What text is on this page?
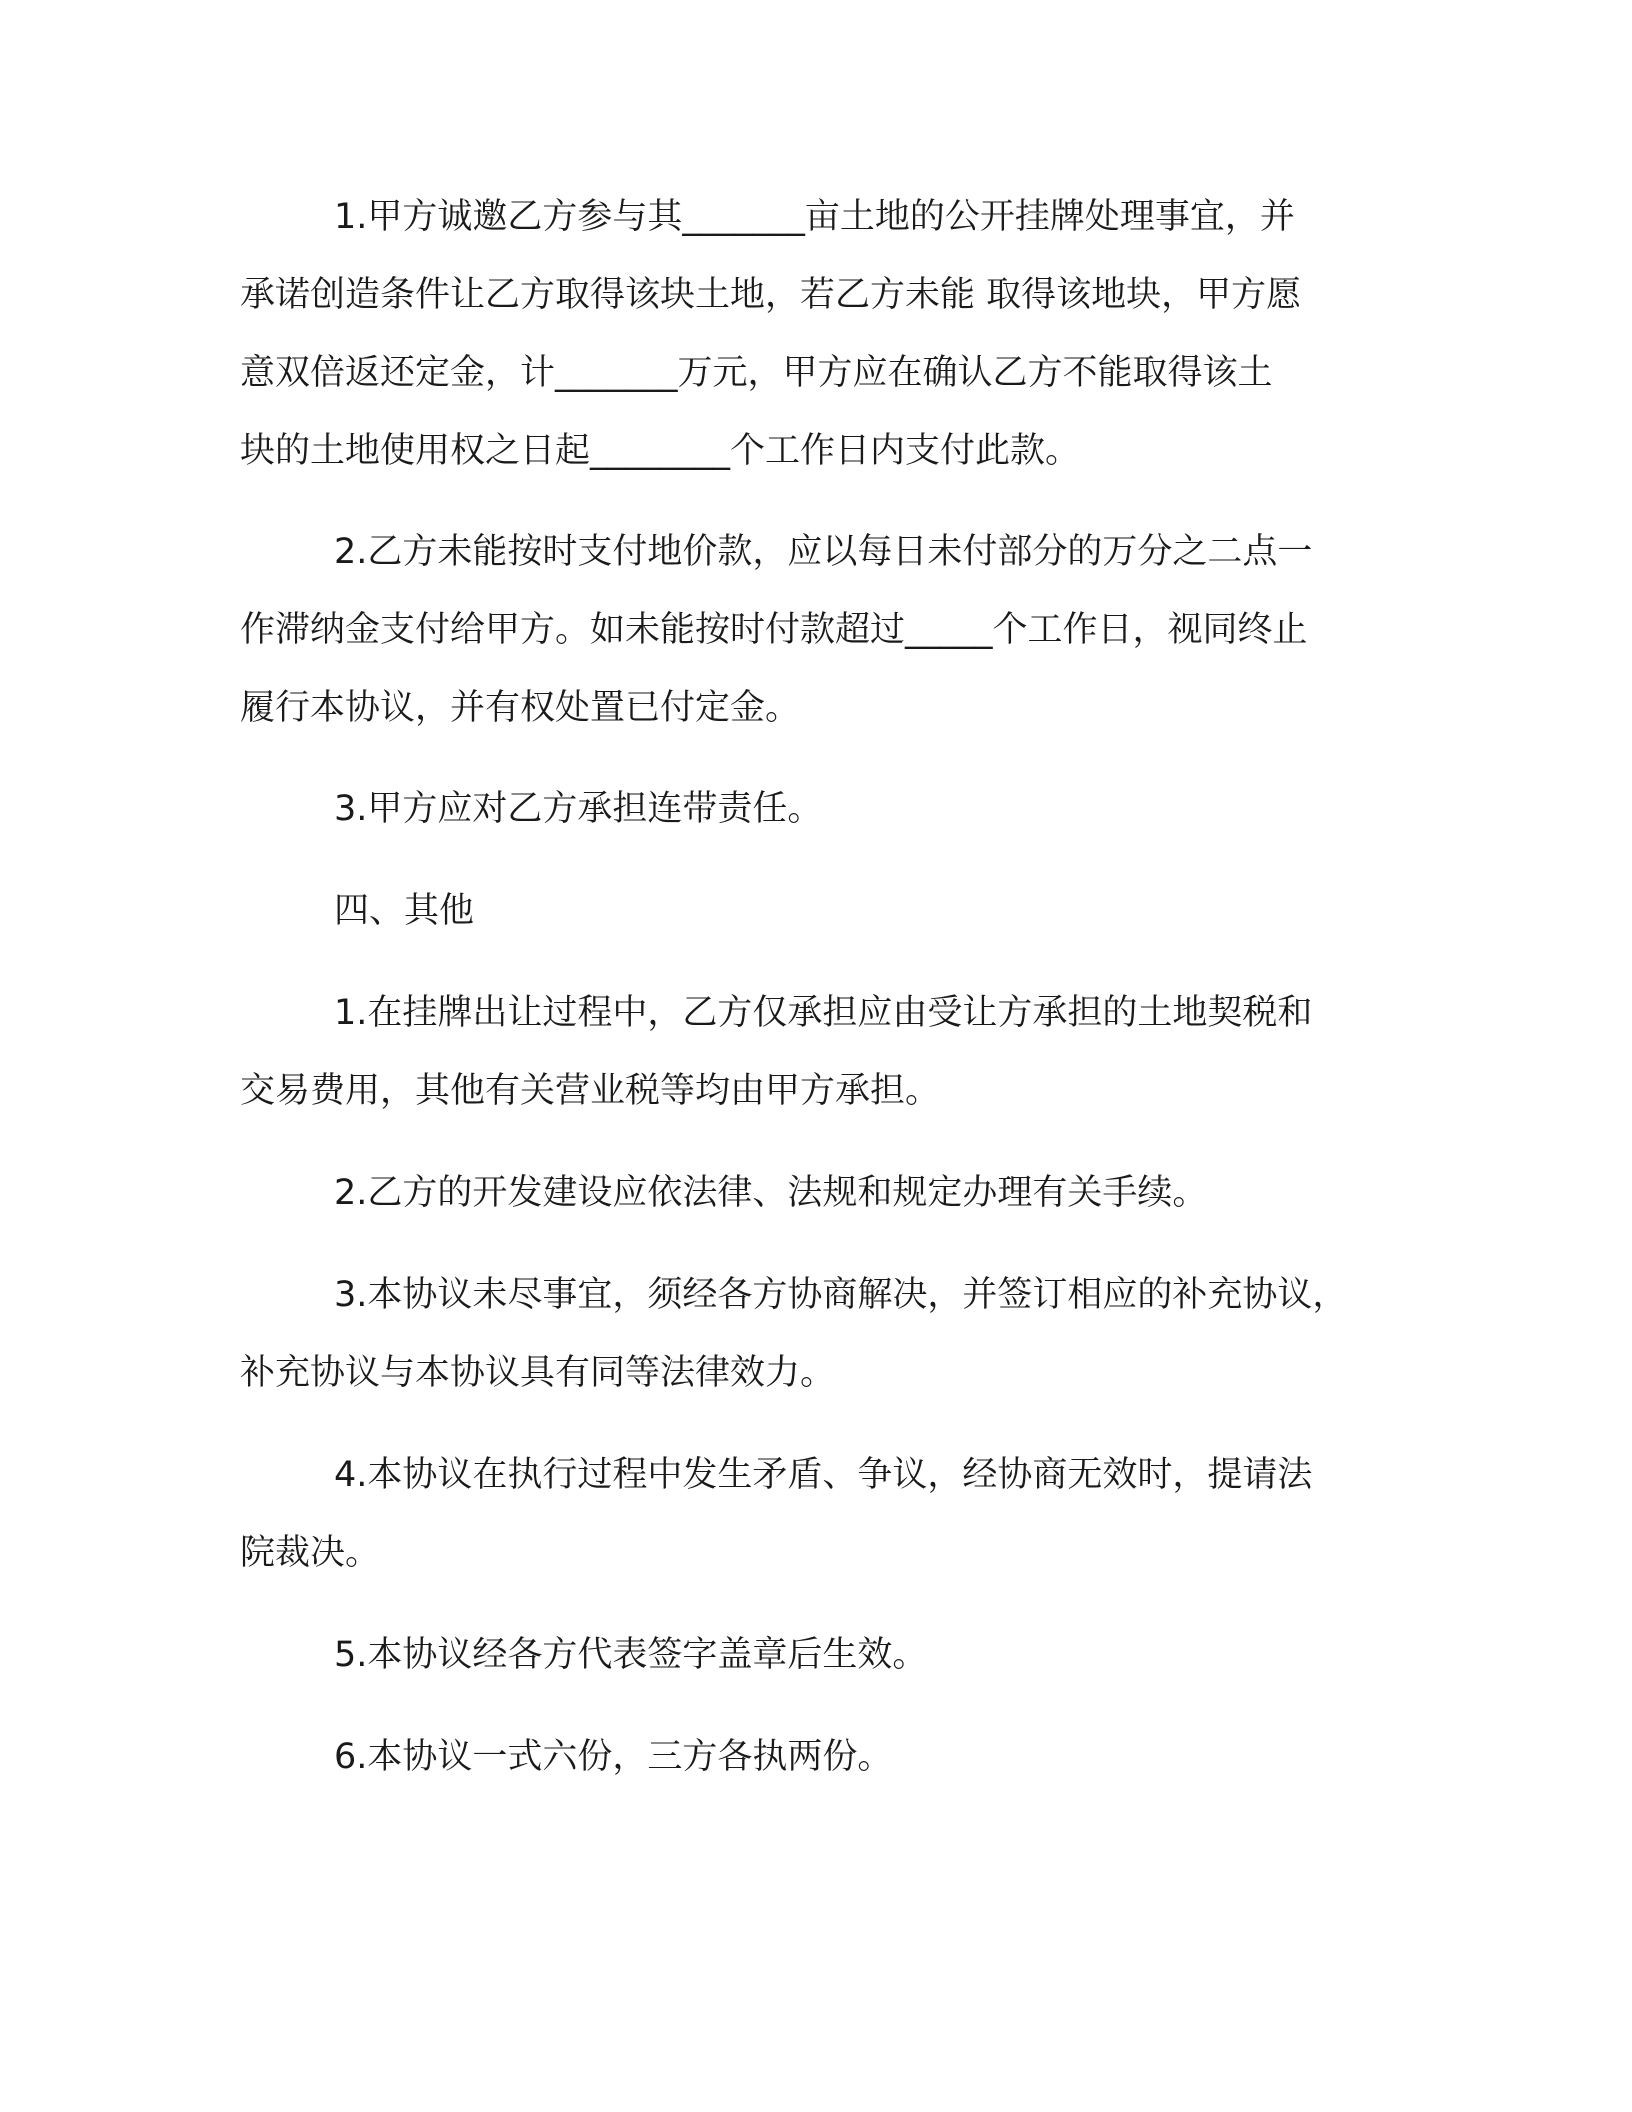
1.甲方诚邀乙方参与其_______亩土地的公开挂牌处理事宜，并
承诺创造条件让乙方取得该块土地，若乙方未能 取得该地块，甲方愿
意双倍返还定金，计_______万元，甲方应在确认乙方不能取得该土
块的土地使用权之日起________个工作日内支付此款。
2.乙方未能按时支付地价款，应以每日未付部分的万分之二点一
作滞纳金支付给甲方。如未能按时付款超过_____个工作日，视同终止
履行本协议，并有权处置已付定金。
3.甲方应对乙方承担连带责任。
四、其他
1.在挂牌出让过程中，乙方仅承担应由受让方承担的土地契税和
交易费用，其他有关营业税等均由甲方承担。
2.乙方的开发建设应依法律、法规和规定办理有关手续。
3.本协议未尽事宜，须经各方协商解决，并签订相应的补充协议，
补充协议与本协议具有同等法律效力。
4.本协议在执行过程中发生矛盾、争议，经协商无效时，提请法
院裁决。
5.本协议经各方代表签字盖章后生效。
6.本协议一式六份，三方各执两份。
